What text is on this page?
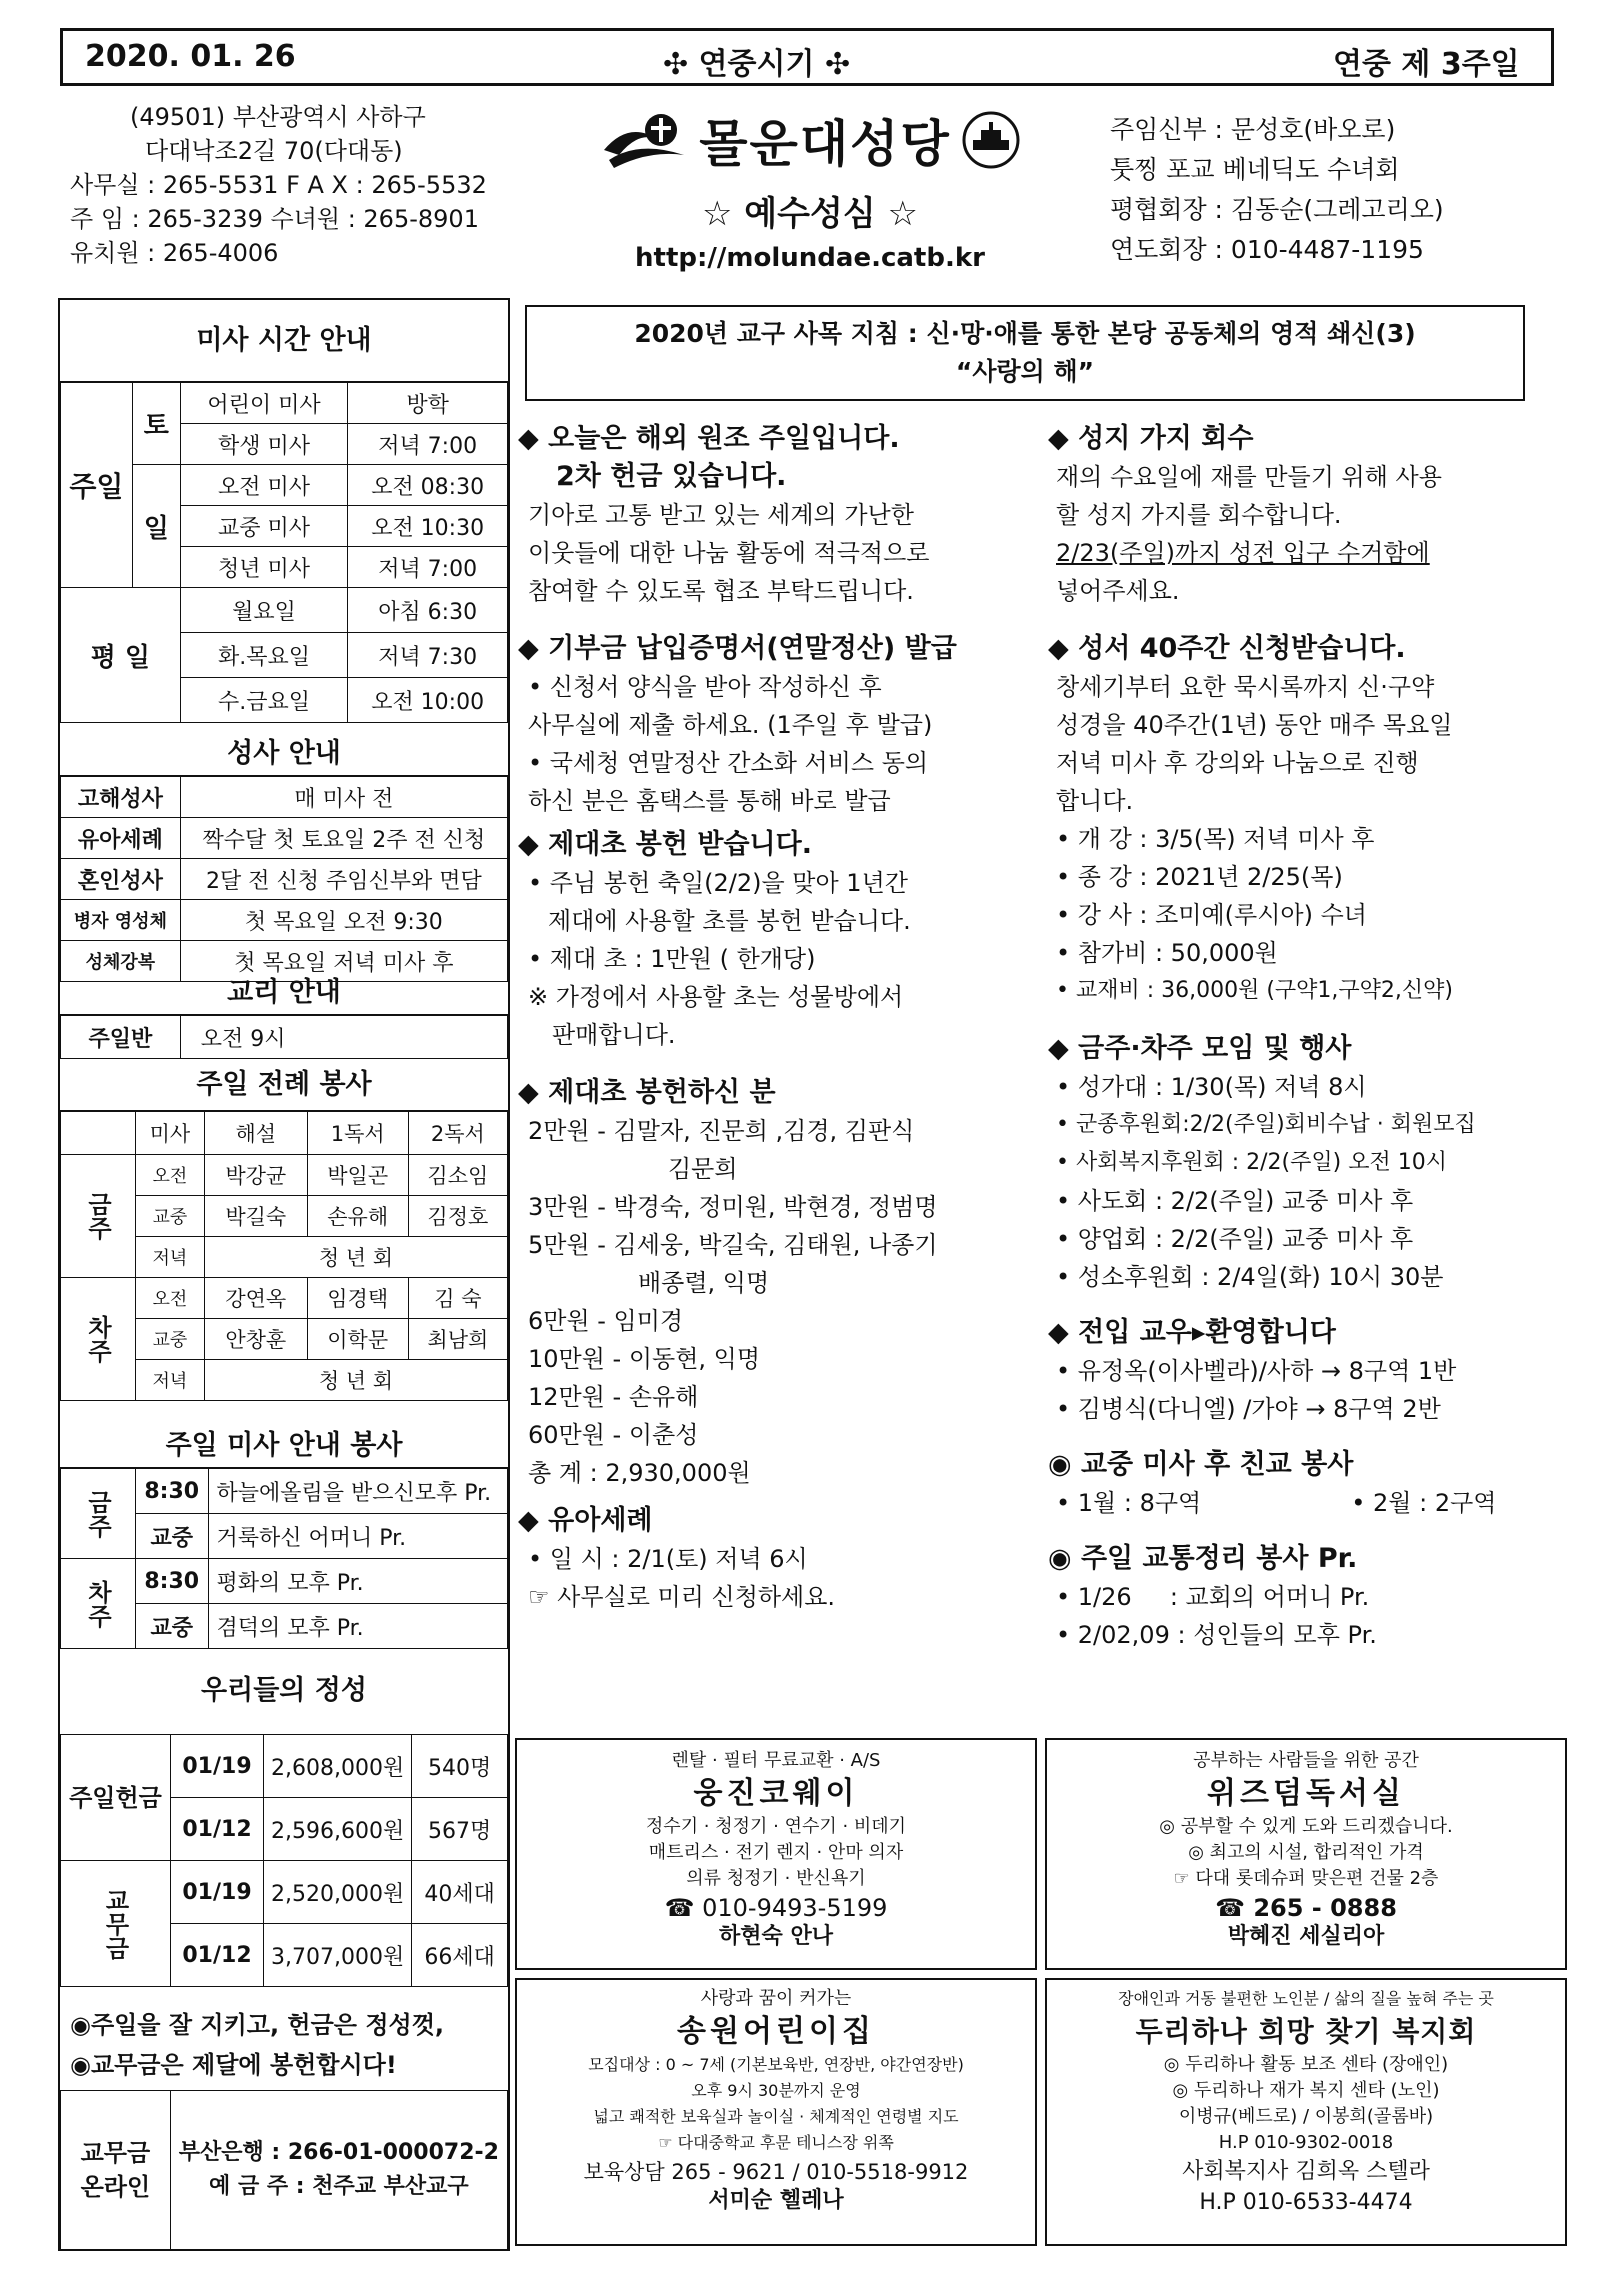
2020. 01. 26	✣ 연중시기 ✣	연중 제 3주일
(49501) 부산광역시 사하구
다대낙조2길 70(다대동)
사무실 : 265-5531 F A X : 265-5532
주 임 : 265-3239 수녀원 : 265-8901
유치원 : 265-4006
몰운대성당
☆ 예수성심 ☆
http://molundae.catb.kr
주임신부 : 문성호(바오로)
툿찡 포교 베네딕도 수녀회
평협회장 : 김동순(그레고리오)
연도회장 : 010-4487-1195
미사 시간 안내
주일	토	어린이 미사	방학
		학생 미사	저녁 7:00
	일	오전 미사	오전 08:30
		교중 미사	오전 10:30
		청년 미사	저녁 7:00
평 일		월요일	아침 6:30
		화.목요일	저녁 7:30
		수.금요일	오전 10:00
성사 안내
고해성사	매 미사 전
유아세례	짝수달 첫 토요일 2주 전 신청
혼인성사	2달 전 신청 주임신부와 면담
병자 영성체	첫 목요일 오전 9:30
성체강복	첫 목요일 저녁 미사 후
교리 안내
주일반	오전 9시
주일 전례 봉사
	미사	해설	1독서	2독서
금주	오전	박강균	박일곤	김소임
	교중	박길숙	손유해	김정호
	저녁	청 년 회		
차주	오전	강연옥	임경택	김 숙
	교중	안창훈	이학문	최남희
	저녁	청 년 회		
주일 미사 안내 봉사
금주	8:30	하늘에올림을 받으신모후 Pr.
	교중	거룩하신 어머니 Pr.
차주	8:30	평화의 모후 Pr.
	교중	겸덕의 모후 Pr.
우리들의 정성
주일헌금	01/19	2,608,000원	540명
	01/12	2,596,600원	567명
교무금	01/19	2,520,000원	40세대
	01/12	3,707,000원	66세대
◉주일을 잘 지키고, 헌금은 정성껏,
◉교무금은 제달에 봉헌합시다!
교무금
온라인

부산은행 : 266-01-000072-2
예 금 주 : 천주교 부산교구
2020년 교구 사목 지침 : 신·망·애를 통한 본당 공동체의 영적 쇄신(3)
“사랑의 해”

◆ 오늘은 해외 원조 주일입니다.

2차 헌금 있습니다.

기아로 고통 받고 있는 세계의 가난한

이웃들에 대한 나눔 활동에 적극적으로

참여할 수 있도록 협조 부탁드립니다.

◆ 기부금 납입증명서(연말정산) 발급

• 신청서 양식을 받아 작성하신 후

사무실에 제출 하세요. (1주일 후 발급)

• 국세청 연말정산 간소화 서비스 동의

하신 분은 홈택스를 통해 바로 발급

◆ 제대초 봉헌 받습니다.

• 주님 봉헌 축일(2/2)을 맞아 1년간

제대에 사용할 초를 봉헌 받습니다.

• 제대 초 : 1만원 ( 한개당)

※ 가정에서 사용할 초는 성물방에서

판매합니다.

◆ 제대초 봉헌하신 분

2만원 - 김말자, 진문희 ,김경, 김판식

김문희

3만원 - 박경숙, 정미원, 박현경, 정범명

5만원 - 김세웅, 박길숙, 김태원, 나종기

배종렬, 익명

6만원 - 임미경

10만원 - 이동현, 익명

12만원 - 손유해

60만원 - 이춘성

총 계 : 2,930,000원

◆ 유아세례

• 일 시 : 2/1(토) 저녁 6시

☞ 사무실로 미리 신청하세요.

◆ 성지 가지 회수

재의 수요일에 재를 만들기 위해 사용

할 성지 가지를 회수합니다.

2/23(주일)까지 성전 입구 수거함에

넣어주세요.

◆ 성서 40주간 신청받습니다.

창세기부터 요한 묵시록까지 신·구약

성경을 40주간(1년) 동안 매주 목요일

저녁 미사 후 강의와 나눔으로 진행

합니다.

• 개 강 : 3/5(목) 저녁 미사 후

• 종 강 : 2021년 2/25(목)

• 강 사 : 조미예(루시아) 수녀

• 참가비 : 50,000원

• 교재비 : 36,000원 (구약1,구약2,신약)

◆ 금주·차주 모임 및 행사

• 성가대 : 1/30(목) 저녁 8시

• 군종후원회:2/2(주일)회비수납 · 회원모집

• 사회복지후원회 : 2/2(주일) 오전 10시

• 사도회 : 2/2(주일) 교중 미사 후

• 양업회 : 2/2(주일) 교중 미사 후

• 성소후원회 : 2/4일(화) 10시 30분

◆ 전입 교우▸환영합니다

• 유정옥(이사벨라)/사하 → 8구역 1반

• 김병식(다니엘) /가야 → 8구역 2반

◉ 교중 미사 후 친교 봉사

• 1월 : 8구역	• 2월 : 2구역

◉ 주일 교통정리 봉사 Pr.

• 1/26     : 교회의 어머니 Pr.

• 2/02,09 : 성인들의 모후 Pr.

렌탈 · 필터 무료교환 · A/S
웅진코웨이
정수기 · 청정기 · 연수기 · 비데기
매트리스 · 전기 렌지 · 안마 의자
의류 청정기 · 반신욕기
☎ 010-9493-5199
하현숙 안나
공부하는 사람들을 위한 공간
위즈덤독서실
◎ 공부할 수 있게 도와 드리겠습니다.
◎ 최고의 시설, 합리적인 가격
☞ 다대 롯데슈퍼 맞은편 건물 2층
☎ 265 - 0888
박혜진 세실리아
사랑과 꿈이 커가는
송원어린이집
모집대상 : 0 ~ 7세 (기본보육반, 연장반, 야간연장반)
오후 9시 30분까지 운영
넓고 쾌적한 보육실과 놀이실 · 체계적인 연령별 지도
☞ 다대중학교 후문 테니스장 위쪽
보육상담 265 - 9621 / 010-5518-9912
서미순 헬레나
장애인과 거동 불편한 노인분 / 삶의 질을 높혀 주는 곳
두리하나 희망 찾기 복지회
◎ 두리하나 활동 보조 센타 (장애인)
◎ 두리하나 재가 복지 센타 (노인)
이병규(베드로) / 이봉희(골롬바)
H.P 010-9302-0018
사회복지사 김희옥 스텔라
H.P 010-6533-4474
